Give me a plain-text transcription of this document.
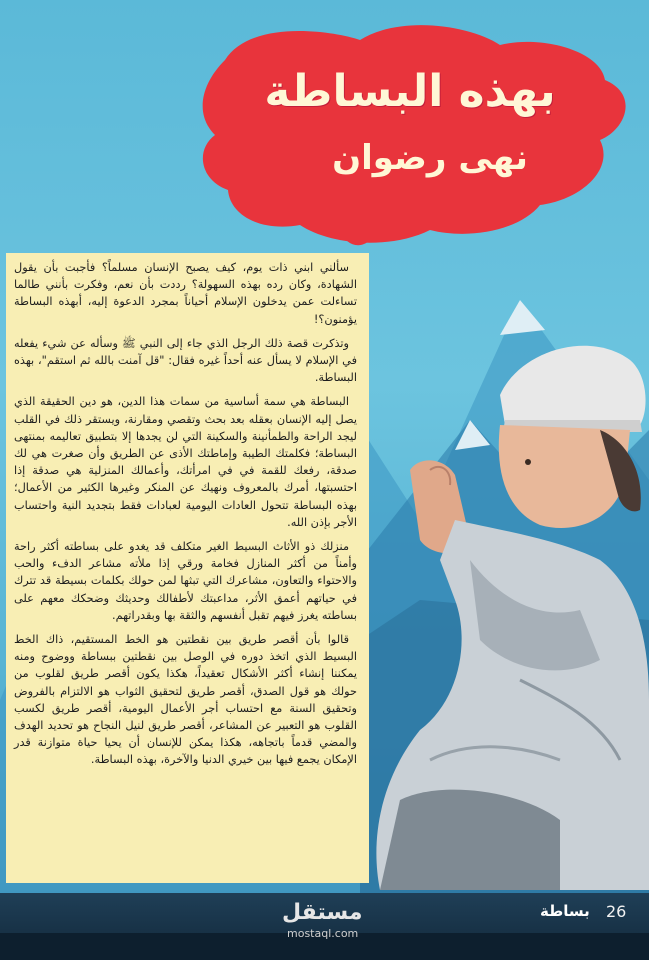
بهذه البساطة
نهى رضوان

سألني ابني ذات يوم، كيف يصبح الإنسان مسلماً؟ فأجبت بأن يقول الشهادة، وكان رده بهذه السهولة؟ رددت بأن نعم، وفكرت بأنني طالما تساءلت عمن يدخلون الإسلام أحياناً بمجرد الدعوة إليه، أبهذه البساطة يؤمنون؟!

وتذكرت قصة ذلك الرجل الذي جاء إلى النبي ﷺ وسأله عن شيء يفعله في الإسلام لا يسأل عنه أحداً غيره فقال: "قل آمنت بالله ثم استقم"، بهذه البساطة.

البساطة هي سمة أساسية من سمات هذا الدين، هو دين الحقيقة الذي يصل إليه الإنسان بعقله بعد بحث وتقصي ومقارنة، ويستقر ذلك في القلب ليجد الراحة والطمأنينة والسكينة التي لن يجدها إلا بتطبيق تعاليمه بمنتهى البساطة؛ فكلمتك الطيبة وإماطتك الأذى عن الطريق وأن صغرت هي لك صدقة، رفعك للقمة في في امرأتك، وأعمالك المنزلية هي صدقة إذا احتسبتها، أمرك بالمعروف ونهيك عن المنكر وغيرها الكثير من الأعمال؛ بهذه البساطة تتحول العادات اليومية لعبادات فقط بتجديد النية واحتساب الأجر بإذن الله.

منزلك ذو الأثاث البسيط الغير متكلف قد يغدو على بساطته أكثر راحة وأمناً من أكثر المنازل فخامة ورقي إذا ملأته مشاعر الدفء والحب والاحتواء والتعاون، مشاعرك التي تبثها لمن حولك بكلمات بسيطة قد تترك في حياتهم أعمق الأثر، مداعبتك لأطفالك وحديثك وضحكك معهم على بساطته يغرز فيهم تقبل أنفسهم والثقة بها وبقدراتهم.

قالوا بأن أقصر طريق بين نقطتين هو الخط المستقيم، ذاك الخط البسيط الذي اتخذ دوره في الوصل بين نقطتين ببساطة ووضوح ومنه يمكننا إنشاء أكثر الأشكال تعقيداً، هكذا يكون أقصر طريق لقلوب من حولك هو قول الصدق، أقصر طريق لتحقيق الثواب هو الالتزام بالفروض وتحقيق السنة مع احتساب أجر الأعمال اليومية، أقصر طريق لكسب القلوب هو التعبير عن المشاعر، أقصر طريق لنيل النجاح هو تحديد الهدف والمضي قدماً باتجاهه، هكذا يمكن للإنسان أن يحيا حياة متوازنة قدر الإمكان يجمع فيها بين خيري الدنيا والآخرة، بهذه البساطة.

مستقل
mostaql.com
بساطة 26
